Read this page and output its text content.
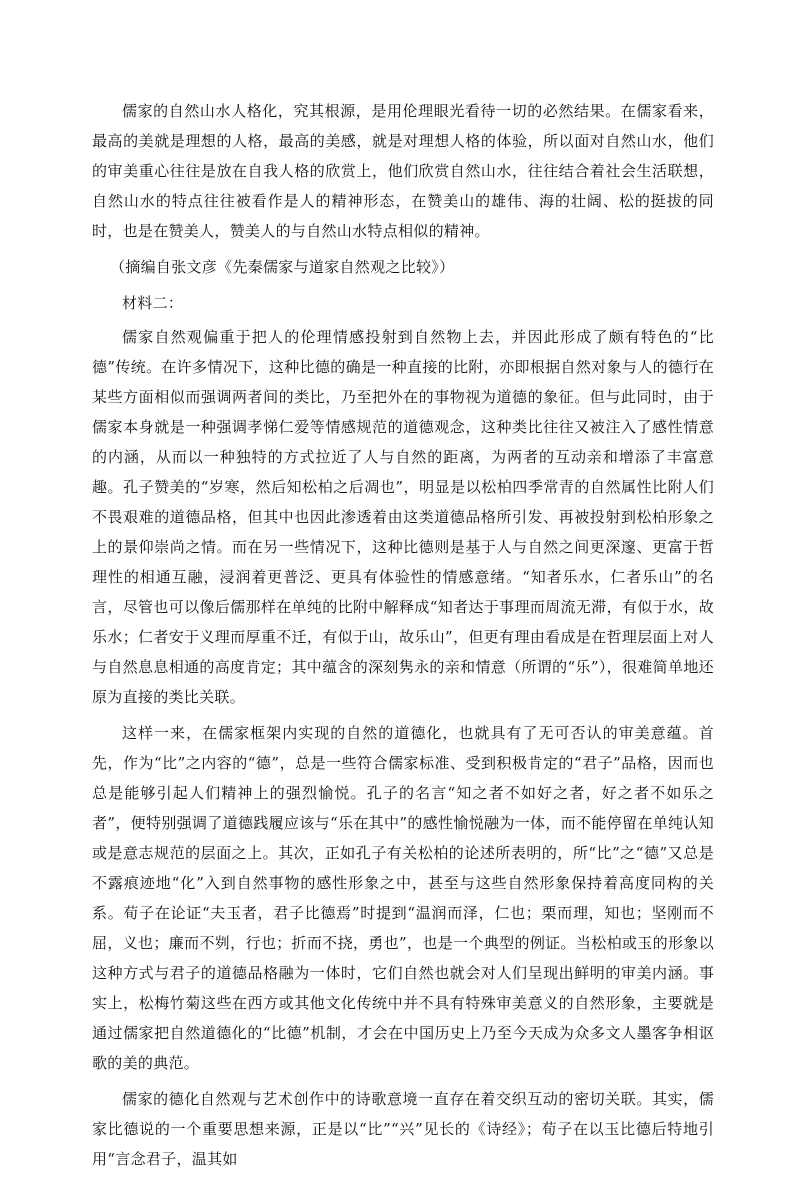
儒家的自然山水人格化，究其根源，是用伦理眼光看待一切的必然结果。在儒家看来，最高的美就是理想的人格，最高的美感，就是对理想人格的体验，所以面对自然山水，他们的审美重心往往是放在自我人格的欣赏上，他们欣赏自然山水，往往结合着社会生活联想，自然山水的特点往往被看作是人的精神形态，在赞美山的雄伟、海的壮阔、松的挺拔的同时，也是在赞美人，赞美人的与自然山水特点相似的精神。

（摘编自张文彦《先秦儒家与道家自然观之比较》）

材料二：

儒家自然观偏重于把人的伦理情感投射到自然物上去，并因此形成了颇有特色的“比德”传统。在许多情况下，这种比德的确是一种直接的比附，亦即根据自然对象与人的德行在某些方面相似而强调两者间的类比，乃至把外在的事物视为道德的象征。但与此同时，由于儒家本身就是一种强调孝悌仁爱等情感规范的道德观念，这种类比往往又被注入了感性情意的内涵，从而以一种独特的方式拉近了人与自然的距离，为两者的互动亲和增添了丰富意趣。孔子赞美的“岁寒，然后知松柏之后凋也”，明显是以松柏四季常青的自然属性比附人们不畏艰难的道德品格，但其中也因此渗透着由这类道德品格所引发、再被投射到松柏形象之上的景仰崇尚之情。而在另一些情况下，这种比德则是基于人与自然之间更深邃、更富于哲理性的相通互融，浸润着更普泛、更具有体验性的情感意绪。“知者乐水，仁者乐山”的名言，尽管也可以像后儒那样在单纯的比附中解释成“知者达于事理而周流无滞，有似于水，故乐水；仁者安于义理而厚重不迁，有似于山，故乐山”，但更有理由看成是在哲理层面上对人与自然息息相通的高度肯定；其中蕴含的深刻隽永的亲和情意（所谓的“乐”），很难简单地还原为直接的类比关联。

这样一来，在儒家框架内实现的自然的道德化，也就具有了无可否认的审美意蕴。首先，作为“比”之内容的“德”，总是一些符合儒家标准、受到积极肯定的“君子”品格，因而也总是能够引起人们精神上的强烈愉悦。孔子的名言“知之者不如好之者，好之者不如乐之者”，便特别强调了道德践履应该与“乐在其中”的感性愉悦融为一体，而不能停留在单纯认知或是意志规范的层面之上。其次，正如孔子有关松柏的论述所表明的，所“比”之“德”又总是不露痕迹地“化”入到自然事物的感性形象之中，甚至与这些自然形象保持着高度同构的关系。荀子在论证“夫玉者，君子比德焉”时提到“温润而泽，仁也；栗而理，知也；坚刚而不屈，义也；廉而不刿，行也；折而不挠，勇也”，也是一个典型的例证。当松柏或玉的形象以这种方式与君子的道德品格融为一体时，它们自然也就会对人们呈现出鲜明的审美内涵。事实上，松梅竹菊这些在西方或其他文化传统中并不具有特殊审美意义的自然形象，主要就是通过儒家把自然道德化的“比德”机制，才会在中国历史上乃至今天成为众多文人墨客争相讴歌的美的典范。

儒家的德化自然观与艺术创作中的诗歌意境一直存在着交织互动的密切关联。其实，儒家比德说的一个重要思想来源，正是以“比”“兴”见长的《诗经》；荀子在以玉比德后特地引用“言念君子，温其如
